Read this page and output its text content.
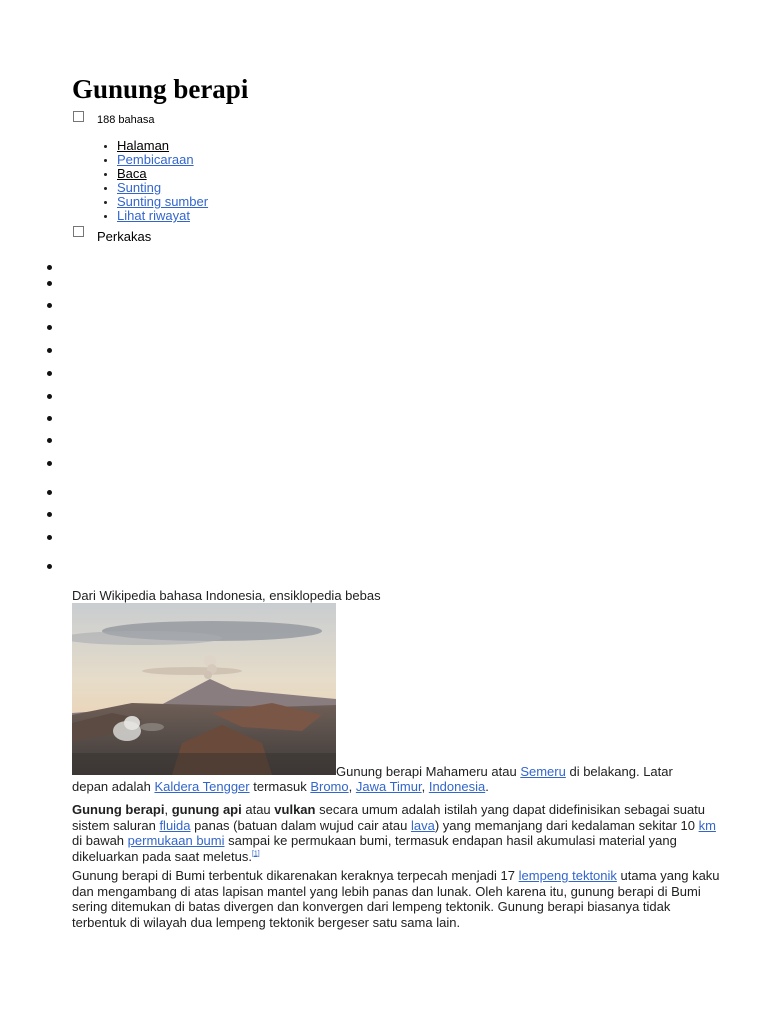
Gunung berapi
188 bahasa
• Halaman
• Pembicaraan
• Baca
• Sunting
• Sunting sumber
• Lihat riwayat
Perkakas
Dari Wikipedia bahasa Indonesia, ensiklopedia bebas
Gunung berapi Mahameru atau Semeru di belakang. Latar depan adalah Kaldera Tengger termasuk Bromo, Jawa Timur, Indonesia.

Gunung berapi, gunung api atau vulkan secara umum adalah istilah yang dapat didefinisikan sebagai suatu sistem saluran fluida panas (batuan dalam wujud cair atau lava) yang memanjang dari kedalaman sekitar 10 km di bawah permukaan bumi sampai ke permukaan bumi, termasuk endapan hasil akumulasi material yang dikeluarkan pada saat meletus.[1]

Gunung berapi di Bumi terbentuk dikarenakan keraknya terpecah menjadi 17 lempeng tektonik utama yang kaku dan mengambang di atas lapisan mantel yang lebih panas dan lunak. Oleh karena itu, gunung berapi di Bumi sering ditemukan di batas divergen dan konvergen dari lempeng tektonik. Gunung berapi biasanya tidak terbentuk di wilayah dua lempeng tektonik bergeser satu sama lain.
